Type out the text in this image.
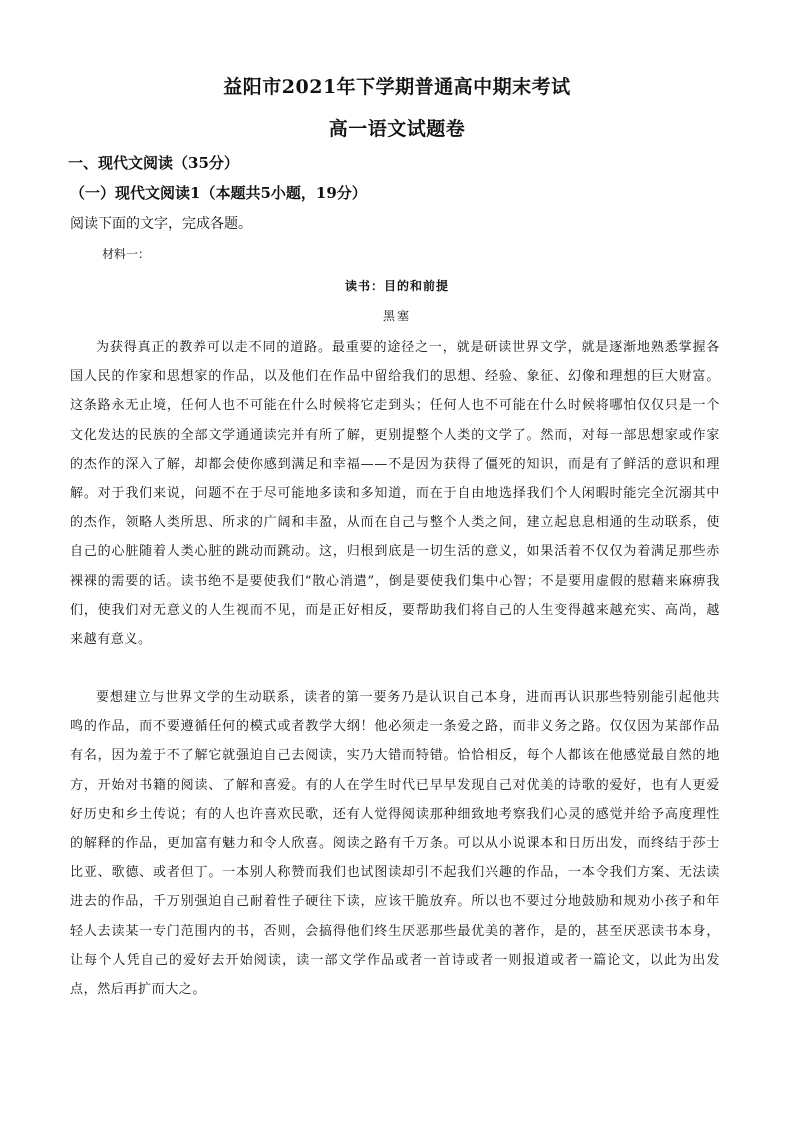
益阳市2021年下学期普通高中期末考试
高一语文试题卷
一、现代文阅读（35分）
（一）现代文阅读1（本题共5小题，19分）
阅读下面的文字，完成各题。
材料一：
读书：目的和前提
黑塞
为获得真正的教养可以走不同的道路。最重要的途径之一，就是研读世界文学，就是逐渐地熟悉掌握各国人民的作家和思想家的作品，以及他们在作品中留给我们的思想、经验、象征、幻像和理想的巨大财富。这条路永无止境，任何人也不可能在什么时候将它走到头；任何人也不可能在什么时候将哪怕仅仅只是一个文化发达的民族的全部文学通通读完并有所了解，更别提整个人类的文学了。然而，对每一部思想家或作家的杰作的深入了解，却都会使你感到满足和幸福——不是因为获得了僵死的知识，而是有了鲜活的意识和理解。对于我们来说，问题不在于尽可能地多读和多知道，而在于自由地选择我们个人闲暇时能完全沉溺其中的杰作，领略人类所思、所求的广阔和丰盈，从而在自己与整个人类之间，建立起息息相通的生动联系，使自己的心脏随着人类心脏的跳动而跳动。这，归根到底是一切生活的意义，如果活着不仅仅为着满足那些赤裸裸的需要的话。读书绝不是要使我们“散心消遣”，倒是要使我们集中心智；不是要用虚假的慰藉来麻痹我们，使我们对无意义的人生视而不见，而是正好相反，要帮助我们将自己的人生变得越来越充实、高尚，越来越有意义。
要想建立与世界文学的生动联系，读者的第一要务乃是认识自己本身，进而再认识那些特别能引起他共鸣的作品，而不要遵循任何的模式或者教学大纲！他必须走一条爱之路，而非义务之路。仅仅因为某部作品有名，因为羞于不了解它就强迫自己去阅读，实乃大错而特错。恰恰相反，每个人都该在他感觉最自然的地方，开始对书籍的阅读、了解和喜爱。有的人在学生时代已早早发现自己对优美的诗歌的爱好，也有人更爱好历史和乡土传说；有的人也许喜欢民歌，还有人觉得阅读那种细致地考察我们心灵的感觉并给予高度理性的解释的作品，更加富有魅力和令人欣喜。阅读之路有千万条。可以从小说课本和日历出发，而终结于莎士比亚、歌德、或者但丁。一本别人称赞而我们也试图读却引不起我们兴趣的作品，一本令我们方案、无法读进去的作品，千万别强迫自己耐着性子硬往下读，应该干脆放弃。所以也不要过分地鼓励和规劝小孩子和年轻人去读某一专门范围内的书，否则，会搞得他们终生厌恶那些最优美的著作，是的，甚至厌恶读书本身，让每个人凭自己的爱好去开始阅读，读一部文学作品或者一首诗或者一则报道或者一篇论文，以此为出发点，然后再扩而大之。
